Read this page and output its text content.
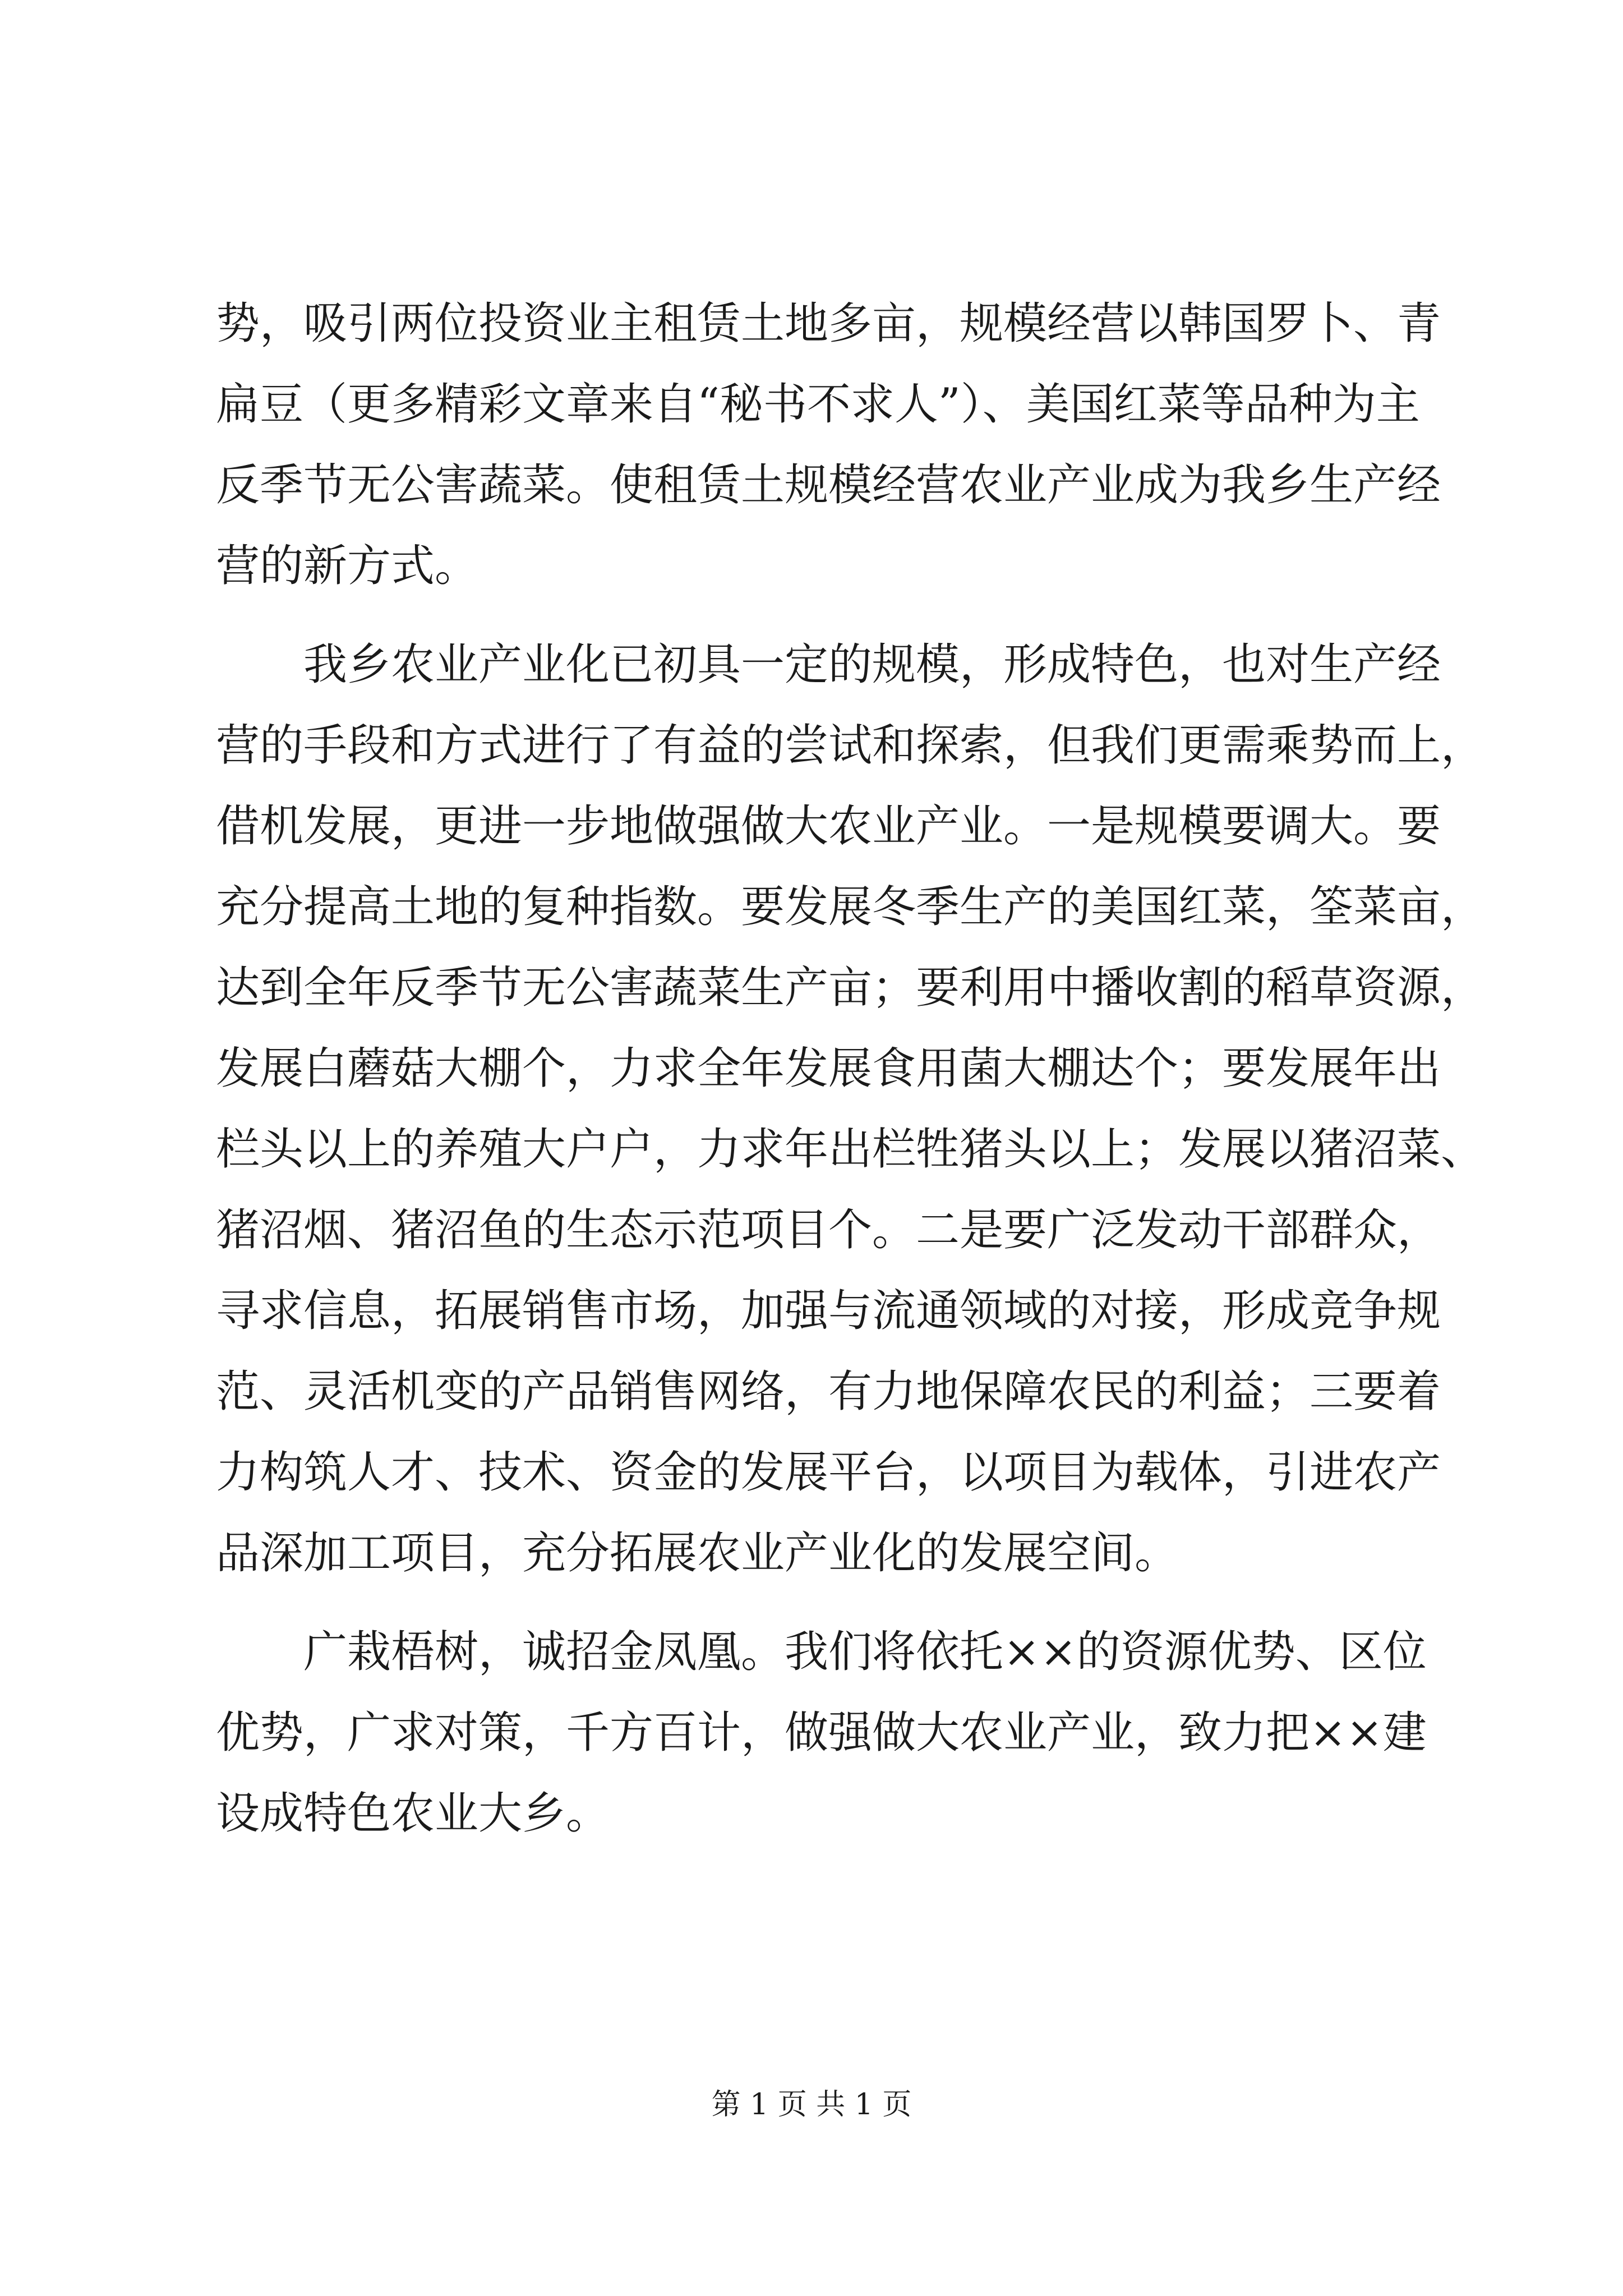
势，吸引两位投资业主租赁土地多亩，规模经营以韩国罗卜、青
扁豆（更多精彩文章来自“秘书不求人”）、美国红菜等品种为主
反季节无公害蔬菜。使租赁土规模经营农业产业成为我乡生产经
营的新方式。
　　我乡农业产业化已初具一定的规模，形成特色，也对生产经
营的手段和方式进行了有益的尝试和探索，但我们更需乘势而上，
借机发展，更进一步地做强做大农业产业。一是规模要调大。要
充分提高土地的复种指数。要发展冬季生产的美国红菜，筌菜亩，
达到全年反季节无公害蔬菜生产亩；要利用中播收割的稻草资源，
发展白蘑菇大棚个，力求全年发展食用菌大棚达个；要发展年出
栏头以上的养殖大户户，力求年出栏牲猪头以上；发展以猪沼菜、
猪沼烟、猪沼鱼的生态示范项目个。二是要广泛发动干部群众，
寻求信息，拓展销售市场，加强与流通领域的对接，形成竞争规
范、灵活机变的产品销售网络，有力地保障农民的利益；三要着
力构筑人才、技术、资金的发展平台，以项目为载体，引进农产
品深加工项目，充分拓展农业产业化的发展空间。
　　广栽梧树，诚招金凤凰。我们将依托××的资源优势、区位
优势，广求对策，千方百计，做强做大农业产业，致力把××建
设成特色农业大乡。
第 1 页 共 1 页
